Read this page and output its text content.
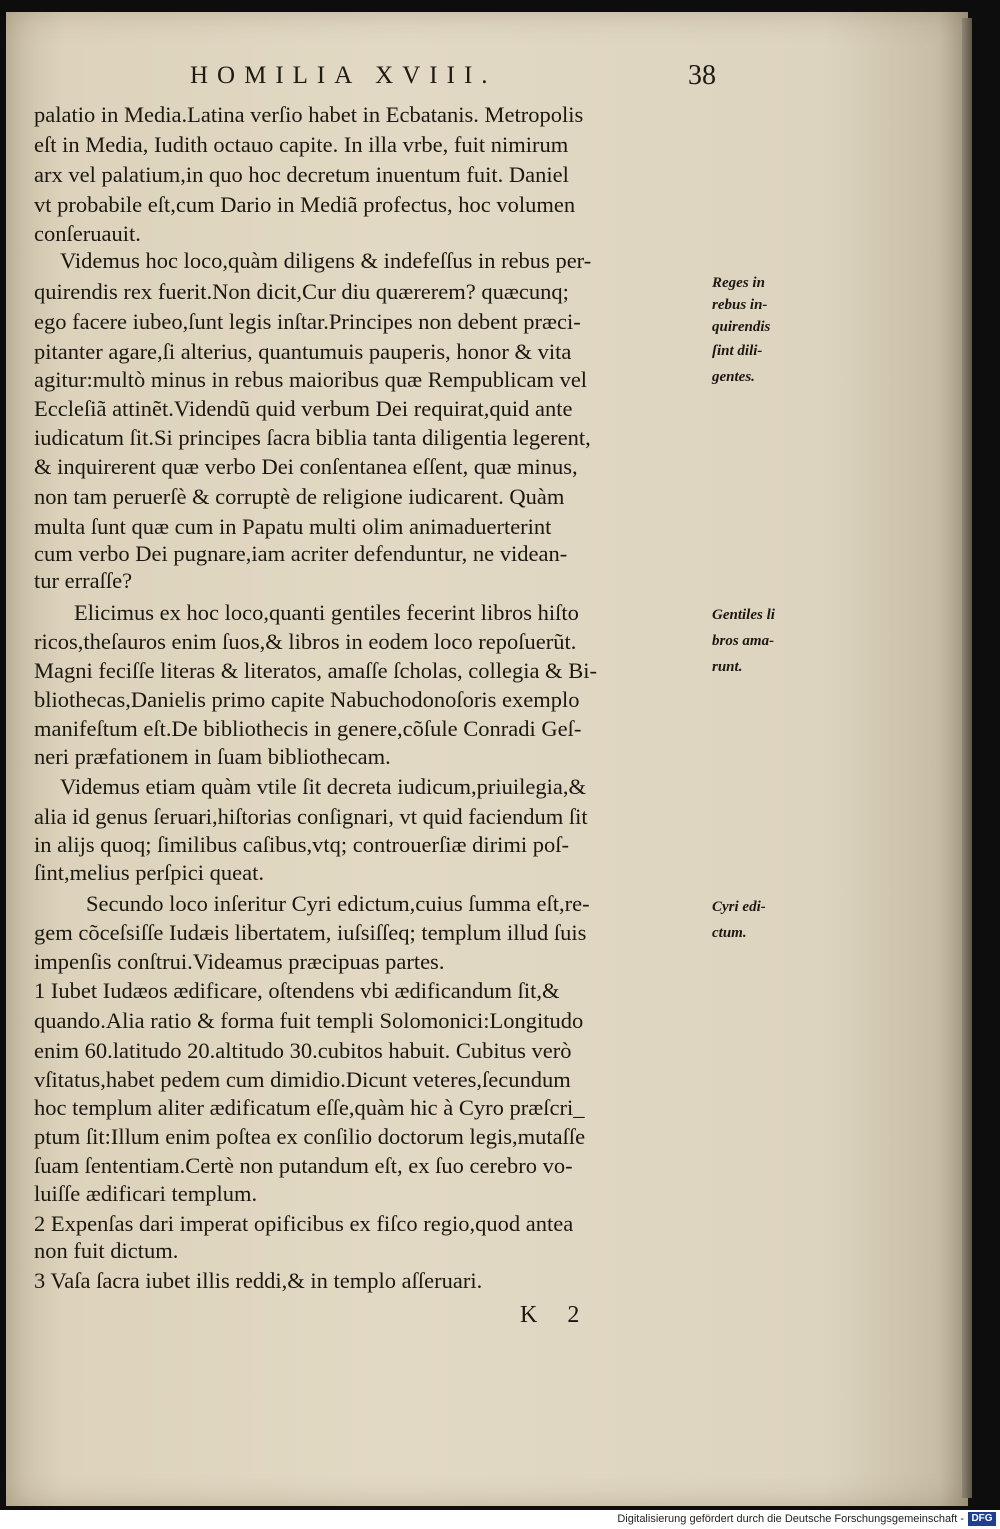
HOMILIA XVIII.	38
palatio in Media.Latina verſio habet in Ecbatanis. Metropolis
eſt in Media, Iudith octauo capite. In illa vrbe, fuit nimirum
arx vel palatium,in quo hoc decretum inuentum fuit. Daniel
vt probabile eſt,cum Dario in Mediã profectus, hoc volumen
conſeruauit.
Videmus hoc loco,quàm diligens & indefeſſus in rebus per-
quirendis rex fuerit.Non dicit,Cur diu quærerem? quæcunq;
ego facere iubeo,ſunt legis inſtar.Principes non debent præci-
pitanter agare,ſi alterius, quantumuis pauperis, honor & vita
agitur:multò minus in rebus maioribus quæ Rempublicam vel
Eccleſiã attinẽt.Videndũ quid verbum Dei requirat,quid ante
iudicatum ſit.Si principes ſacra biblia tanta diligentia legerent,
& inquirerent quæ verbo Dei conſentanea eſſent, quæ minus,
non tam peruerſè & corruptè de religione iudicarent. Quàm
multa ſunt quæ cum in Papatu multi olim animaduerterint
cum verbo Dei pugnare,iam acriter defenduntur, ne videan-
tur erraſſe?
Elicimus ex hoc loco,quanti gentiles fecerint libros hiſto
ricos,theſauros enim ſuos,& libros in eodem loco repoſuerũt.
Magni feciſſe literas & literatos, amaſſe ſcholas, collegia & Bi-
bliothecas,Danielis primo capite Nabuchodonoſoris exemplo
manifeſtum eſt.De bibliothecis in genere,cõſule Conradi Geſ-
neri præfationem in ſuam bibliothecam.
Videmus etiam quàm vtile ſit decreta iudicum,priuilegia,&
alia id genus ſeruari,hiſtorias conſignari, vt quid faciendum ſit
in alijs quoq; ſimilibus caſibus,vtq; controuerſiæ dirimi poſ-
ſint,melius perſpici queat.
Secundo loco inſeritur Cyri edictum,cuius ſumma eſt,re-
gem cõceſsiſſe Iudæis libertatem, iuſsiſſeq; templum illud ſuis
impenſis conſtrui.Videamus præcipuas partes.
1 Iubet Iudæos ædificare, oſtendens vbi ædificandum ſit,&
quando.Alia ratio & forma fuit templi Solomonici:Longitudo
enim 60.latitudo 20.altitudo 30.cubitos habuit. Cubitus verò
vſitatus,habet pedem cum dimidio.Dicunt veteres,ſecundum
hoc templum aliter ædificatum eſſe,quàm hic à Cyro præſcri_
ptum ſit:Illum enim poſtea ex conſilio doctorum legis,mutaſſe
ſuam ſententiam.Certè non putandum eſt, ex ſuo cerebro vo-
luiſſe ædificari templum.
2 Expenſas dari imperat opificibus ex fiſco regio,quod antea
non fuit dictum.
3 Vaſa ſacra iubet illis reddi,& in templo aſſeruari.
Reges in
rebus in-
quirendis
ſint dili-
gentes.
Gentiles li
bros ama-
runt.
Cyri edi-
ctum.
K 2
Digitalisierung gefördert durch die Deutsche Forschungsgemeinschaft - DFG
